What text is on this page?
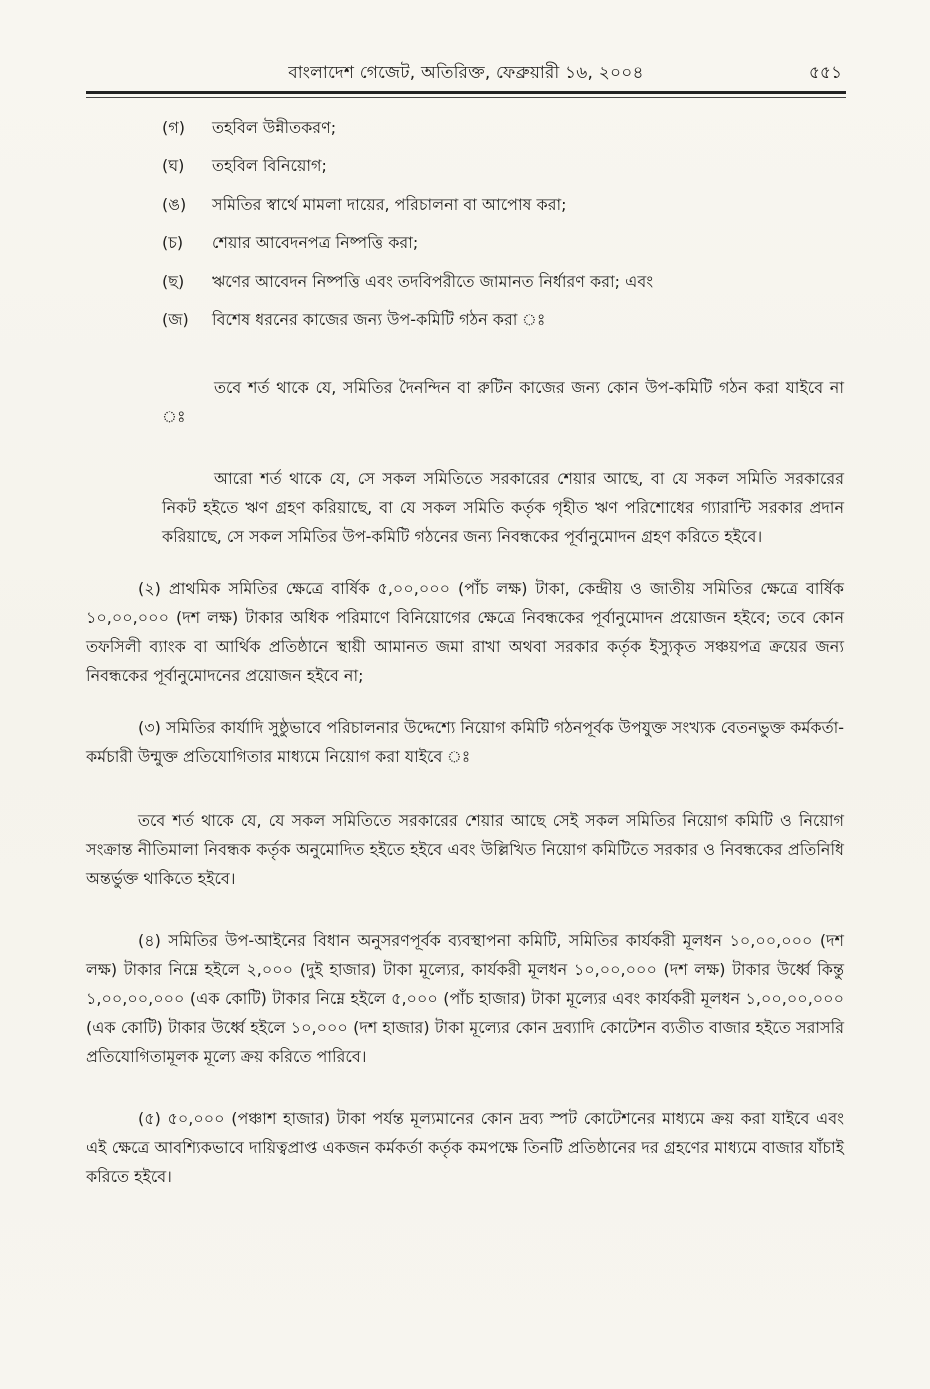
বাংলাদেশ গেজেট, অতিরিক্ত, ফেব্রুয়ারী ১৬, ২০০৪	৫৫১
(গ)	তহবিল উন্নীতকরণ;
(ঘ)	তহবিল বিনিয়োগ;
(ঙ)	সমিতির স্বার্থে মামলা দায়ের, পরিচালনা বা আপোষ করা;
(চ)	শেয়ার আবেদনপত্র নিষ্পত্তি করা;
(ছ)	ঋণের আবেদন নিষ্পত্তি এবং তদবিপরীতে জামানত নির্ধারণ করা; এবং
(জ)	বিশেষ ধরনের কাজের জন্য উপ-কমিটি গঠন করা ঃ

তবে শর্ত থাকে যে, সমিতির দৈনন্দিন বা রুটিন কাজের জন্য কোন উপ-কমিটি গঠন করা যাইবে না ঃ

আরো শর্ত থাকে যে, সে সকল সমিতিতে সরকারের শেয়ার আছে, বা যে সকল সমিতি সরকারের নিকট হইতে ঋণ গ্রহণ করিয়াছে, বা যে সকল সমিতি কর্তৃক গৃহীত ঋণ পরিশোধের গ্যারান্টি সরকার প্রদান করিয়াছে, সে সকল সমিতির উপ-কমিটি গঠনের জন্য নিবন্ধকের পূর্বানুমোদন গ্রহণ করিতে হইবে।

(২) প্রাথমিক সমিতির ক্ষেত্রে বার্ষিক ৫,০০,০০০ (পাঁচ লক্ষ) টাকা, কেন্দ্রীয় ও জাতীয় সমিতির ক্ষেত্রে বার্ষিক ১০,০০,০০০ (দশ লক্ষ) টাকার অধিক পরিমাণে বিনিয়োগের ক্ষেত্রে নিবন্ধকের পূর্বানুমোদন প্রয়োজন হইবে; তবে কোন তফসিলী ব্যাংক বা আর্থিক প্রতিষ্ঠানে স্থায়ী আমানত জমা রাখা অথবা সরকার কর্তৃক ইস্যুকৃত সঞ্চয়পত্র ক্রয়ের জন্য নিবন্ধকের পূর্বানুমোদনের প্রয়োজন হইবে না;

(৩) সমিতির কার্যাদি সুষ্ঠুভাবে পরিচালনার উদ্দেশ্যে নিয়োগ কমিটি গঠনপূর্বক উপযুক্ত সংখ্যক বেতনভুক্ত কর্মকর্তা-কর্মচারী উন্মুক্ত প্রতিযোগিতার মাধ্যমে নিয়োগ করা যাইবে ঃ

তবে শর্ত থাকে যে, যে সকল সমিতিতে সরকারের শেয়ার আছে সেই সকল সমিতির নিয়োগ কমিটি ও নিয়োগ সংক্রান্ত নীতিমালা নিবন্ধক কর্তৃক অনুমোদিত হইতে হইবে এবং উল্লিখিত নিয়োগ কমিটিতে সরকার ও নিবন্ধকের প্রতিনিধি অন্তর্ভুক্ত থাকিতে হইবে।

(৪) সমিতির উপ-আইনের বিধান অনুসরণপূর্বক ব্যবস্থাপনা কমিটি, সমিতির কার্যকরী মূলধন ১০,০০,০০০ (দশ লক্ষ) টাকার নিম্নে হইলে ২,০০০ (দুই হাজার) টাকা মূল্যের, কার্যকরী মূলধন ১০,০০,০০০ (দশ লক্ষ) টাকার উর্ধ্বে কিন্তু ১,০০,০০,০০০ (এক কোটি) টাকার নিম্নে হইলে ৫,০০০ (পাঁচ হাজার) টাকা মূল্যের এবং কার্যকরী মূলধন ১,০০,০০,০০০ (এক কোটি) টাকার উর্ধ্বে হইলে ১০,০০০ (দশ হাজার) টাকা মূল্যের কোন দ্রব্যাদি কোটেশন ব্যতীত বাজার হইতে সরাসরি প্রতিযোগিতামূলক মূল্যে ক্রয় করিতে পারিবে।

(৫) ৫০,০০০ (পঞ্চাশ হাজার) টাকা পর্যন্ত মূল্যমানের কোন দ্রব্য স্পট কোটেশনের মাধ্যমে ক্রয় করা যাইবে এবং এই ক্ষেত্রে আবশ্যিকভাবে দায়িত্বপ্রাপ্ত একজন কর্মকর্তা কর্তৃক কমপক্ষে তিনটি প্রতিষ্ঠানের দর গ্রহণের মাধ্যমে বাজার যাঁচাই করিতে হইবে।
